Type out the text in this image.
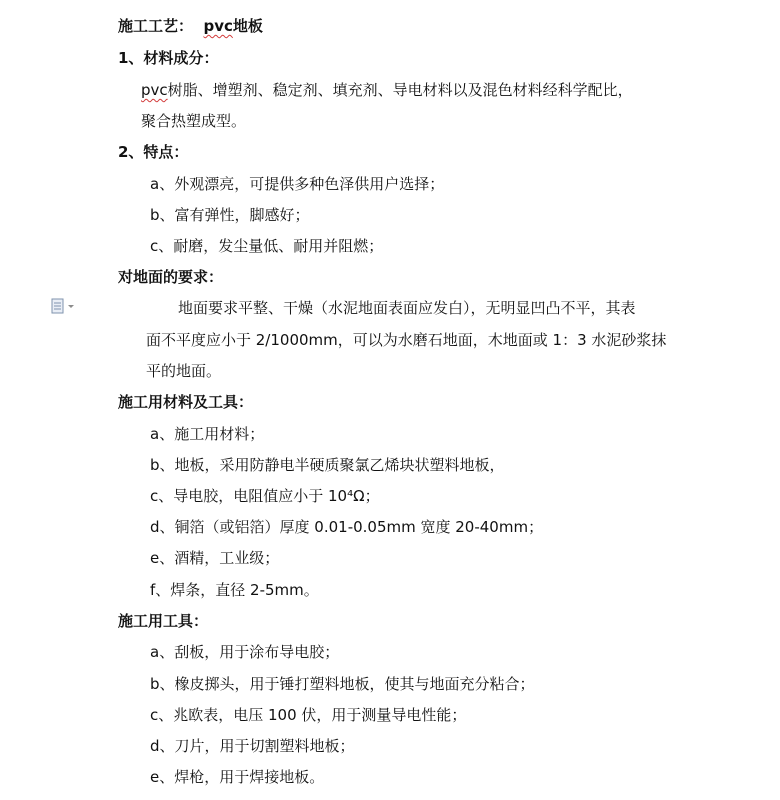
施工工艺： pvc地板
1、材料成分：
pvc树脂、增塑剂、稳定剂、填充剂、导电材料以及混色材料经科学配比，
聚合热塑成型。
2、特点：
a、外观漂亮，可提供多种色泽供用户选择；
b、富有弹性，脚感好；
c、耐磨，发尘量低、耐用并阻燃；
对地面的要求：
地面要求平整、干燥（水泥地面表面应发白），无明显凹凸不平，其表
面不平度应小于 2/1000mm，可以为水磨石地面，木地面或 1：3 水泥砂浆抹
平的地面。
施工用材料及工具：
a、施工用材料；
b、地板，采用防静电半硬质聚氯乙烯块状塑料地板，
c、导电胶，电阻值应小于 10⁴Ω；
d、铜箔（或铝箔）厚度 0.01-0.05mm 宽度 20-40mm；
e、酒精，工业级；
f、焊条，直径 2-5mm。
施工用工具：
a、刮板，用于涂布导电胶；
b、橡皮掷头，用于锤打塑料地板，使其与地面充分粘合；
c、兆欧表，电压 100 伏，用于测量导电性能；
d、刀片，用于切割塑料地板；
e、焊枪，用于焊接地板。
